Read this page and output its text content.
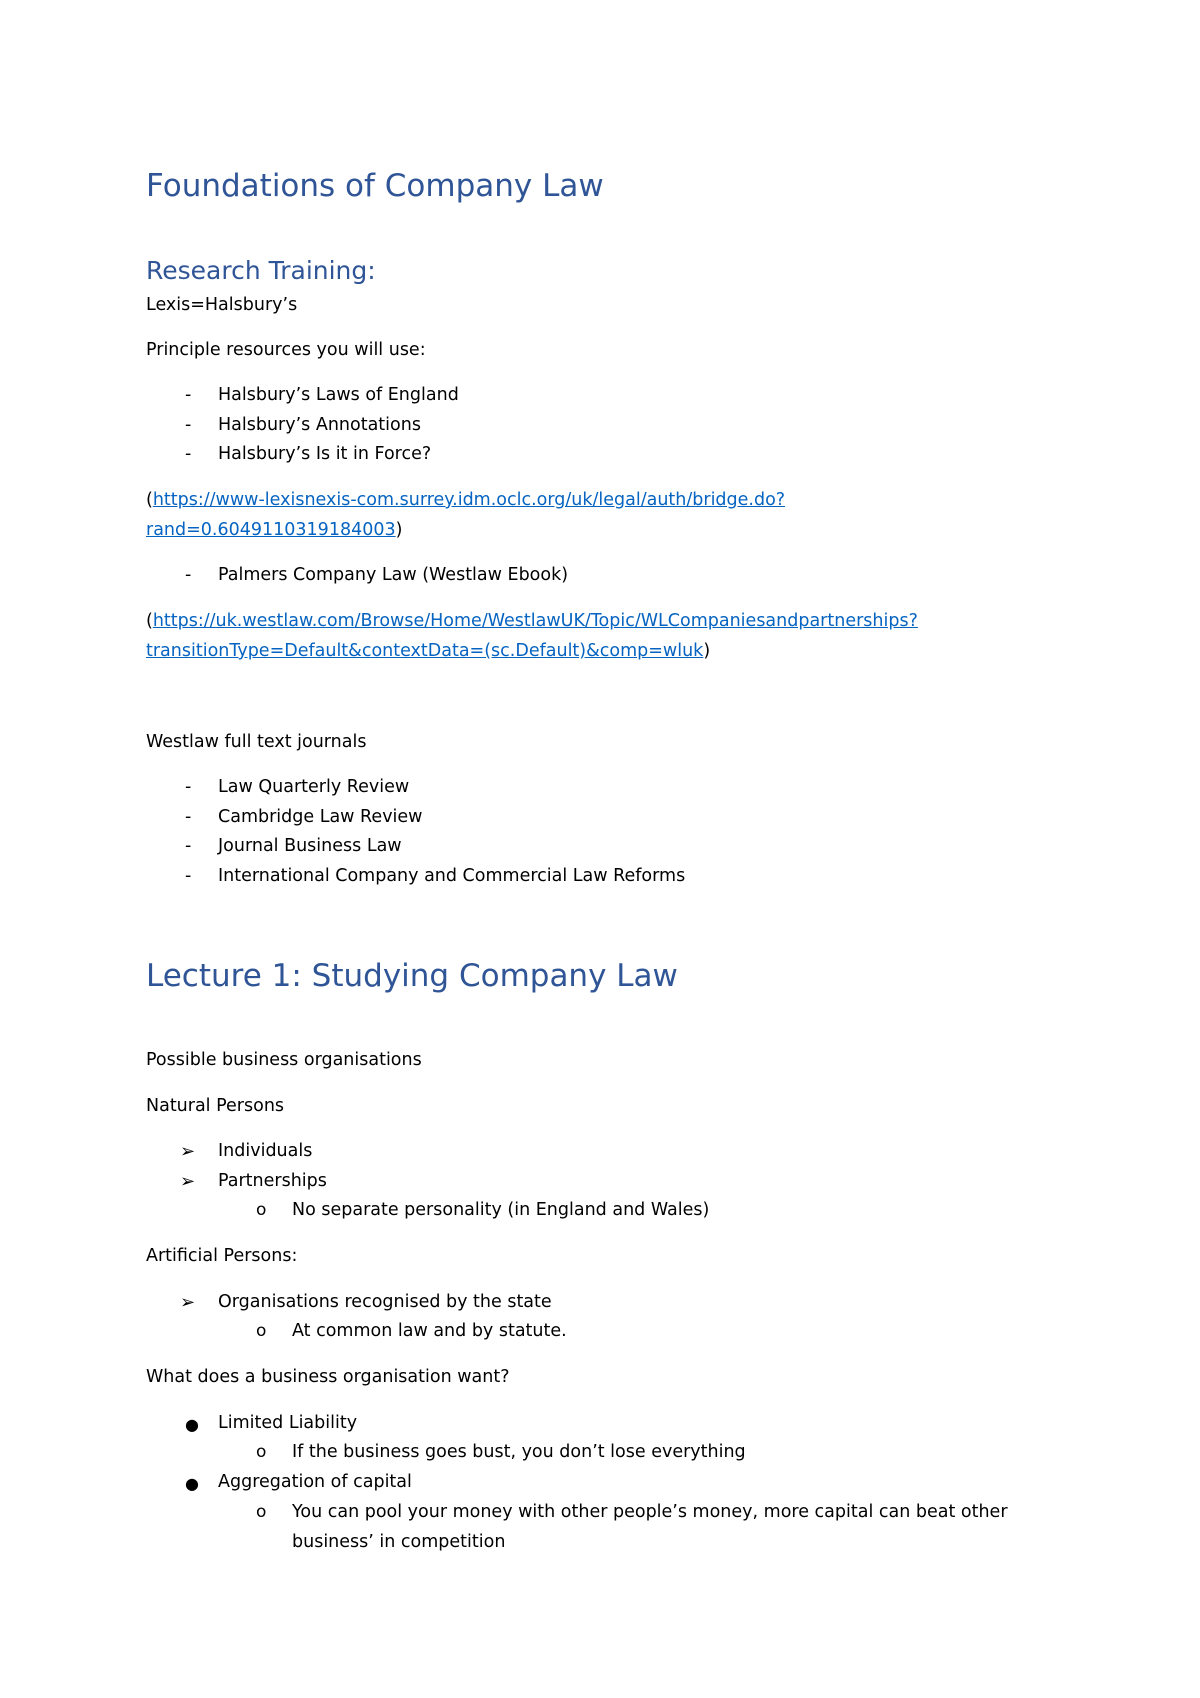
Foundations of Company Law
Research Training:
Lexis=Halsbury’s
Principle resources you will use:
- Halsbury’s Laws of England
- Halsbury’s Annotations
- Halsbury’s Is it in Force?
(https://www-lexisnexis-com.surrey.idm.oclc.org/uk/legal/auth/bridge.do?
rand=0.6049110319184003)
- Palmers Company Law (Westlaw Ebook)
(https://uk.westlaw.com/Browse/Home/WestlawUK/Topic/WLCompaniesandpartnerships?
transitionType=Default&contextData=(sc.Default)&comp=wluk)
Westlaw full text journals
- Law Quarterly Review
- Cambridge Law Review
- Journal Business Law
- International Company and Commercial Law Reforms
Lecture 1: Studying Company Law
Possible business organisations
Natural Persons
➢ Individuals
➢ Partnerships
o No separate personality (in England and Wales)
Artificial Persons:
➢ Organisations recognised by the state
o At common law and by statute.
What does a business organisation want?
● Limited Liability
o If the business goes bust, you don’t lose everything
● Aggregation of capital
o You can pool your money with other people’s money, more capital can beat other
business’ in competition
